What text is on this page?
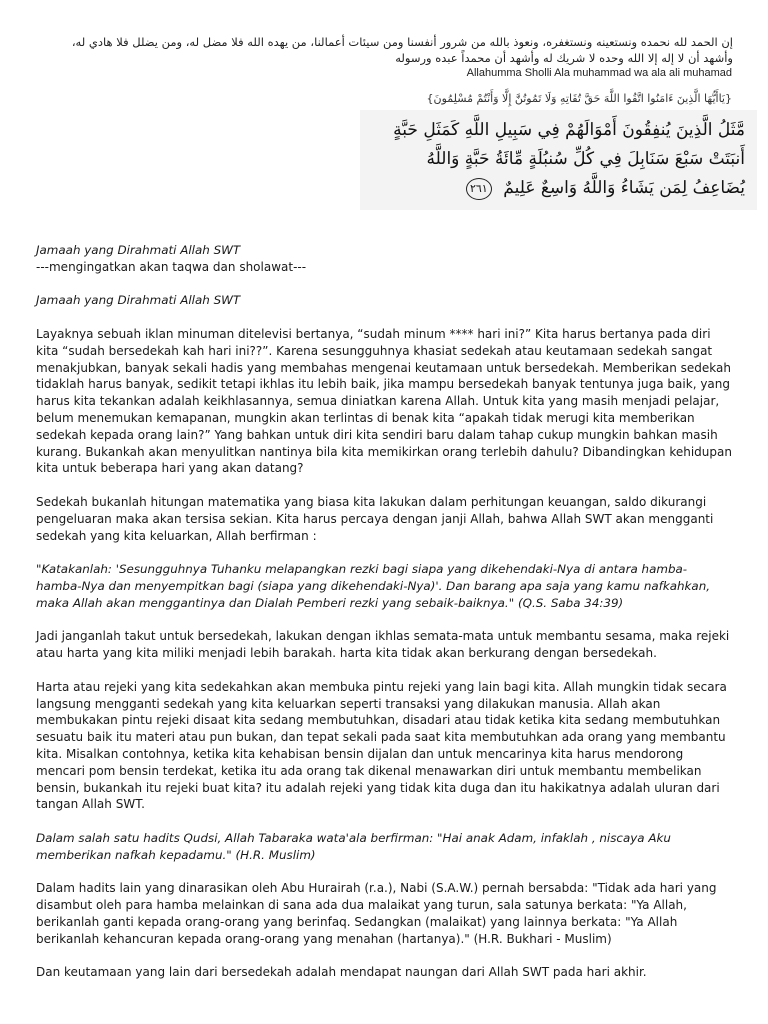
إن الحمد لله نحمده ونستعينه ونستغفره، ونعوذ بالله من شرور أنفسنا ومن سيئات أعمالنا، من يهده الله فلا مضل له، ومن يضلل فلا هادي له، وأشهد أن لا إله إلا الله وحده لا شريك له وأشهد أن محمداً عبده ورسوله
Allahumma Sholli Ala muhammad wa ala ali muhamad
{يَاأَيُّهَا الَّذِينَ ءَامَنُوا اتَّقُوا اللَّهَ حَقَّ تُقَاتِهِ وَلَا تَمُوتُنَّ إِلَّا وَأَنْتُمْ مُسْلِمُونَ}
مَّثَلُ الَّذِينَ يُنفِقُونَ أَمْوَالَهُمْ فِي سَبِيلِ اللَّهِ كَمَثَلِ حَبَّةٍ أَنبَتَتْ سَبْعَ سَنَابِلَ فِي كُلِّ سُنبُلَةٍ مِّائَةُ حَبَّةٍ وَاللَّهُ يُضَاعِفُ لِمَن يَشَاءُ وَاللَّهُ وَاسِعٌ عَلِيمٌ ٢٦١

Jamaah yang Dirahmati Allah SWT

---mengingatkan akan taqwa dan sholawat---

Jamaah yang Dirahmati Allah SWT

Layaknya sebuah iklan minuman ditelevisi bertanya, “sudah minum **** hari ini?” Kita harus bertanya pada diri kita “sudah bersedekah kah hari ini??”. Karena sesungguhnya khasiat sedekah atau keutamaan sedekah sangat menakjubkan, banyak sekali hadis yang membahas mengenai keutamaan untuk bersedekah. Memberikan sedekah tidaklah harus banyak, sedikit tetapi ikhlas itu lebih baik, jika mampu bersedekah banyak tentunya juga baik, yang harus kita tekankan adalah keikhlasannya, semua diniatkan karena Allah. Untuk kita yang masih menjadi pelajar, belum menemukan kemapanan, mungkin akan terlintas di benak kita “apakah tidak merugi kita memberikan sedekah kepada orang lain?” Yang bahkan untuk diri kita sendiri baru dalam tahap cukup mungkin bahkan masih kurang. Bukankah akan menyulitkan nantinya bila kita memikirkan orang terlebih dahulu? Dibandingkan kehidupan kita untuk beberapa hari yang akan datang?

Sedekah bukanlah hitungan matematika yang biasa kita lakukan dalam perhitungan keuangan, saldo dikurangi pengeluaran maka akan tersisa sekian. Kita harus percaya dengan janji Allah, bahwa Allah SWT akan mengganti sedekah yang kita keluarkan, Allah berfirman :

"Katakanlah: 'Sesungguhnya Tuhanku melapangkan rezki bagi siapa yang dikehendaki-Nya di antara hamba-hamba-Nya dan menyempitkan bagi (siapa yang dikehendaki-Nya)'. Dan barang apa saja yang kamu nafkahkan, maka Allah akan menggantinya dan Dialah Pemberi rezki yang sebaik-baiknya." (Q.S. Saba 34:39)

Jadi janganlah takut untuk bersedekah, lakukan dengan ikhlas semata-mata untuk membantu sesama, maka rejeki atau harta yang kita miliki menjadi lebih barakah. harta kita tidak akan berkurang dengan bersedekah.

Harta atau rejeki yang kita sedekahkan akan membuka pintu rejeki yang lain bagi kita. Allah mungkin tidak secara langsung mengganti sedekah yang kita keluarkan seperti transaksi yang dilakukan manusia. Allah akan membukakan pintu rejeki disaat kita sedang membutuhkan, disadari atau tidak ketika kita sedang membutuhkan sesuatu baik itu materi atau pun bukan, dan tepat sekali pada saat kita membutuhkan ada orang yang membantu kita. Misalkan contohnya, ketika kita kehabisan bensin dijalan dan untuk mencarinya kita harus mendorong mencari pom bensin terdekat, ketika itu ada orang tak dikenal menawarkan diri untuk membantu membelikan bensin, bukankah itu rejeki buat kita? itu adalah rejeki yang tidak kita duga dan itu hakikatnya adalah uluran dari tangan Allah SWT.

Dalam salah satu hadits Qudsi, Allah Tabaraka wata'ala berfirman: "Hai anak Adam, infaklah , niscaya Aku memberikan nafkah kepadamu." (H.R. Muslim)

Dalam hadits lain yang dinarasikan oleh Abu Hurairah (r.a.), Nabi (S.A.W.) pernah bersabda: "Tidak ada hari yang disambut oleh para hamba melainkan di sana ada dua malaikat yang turun, sala satunya berkata: "Ya Allah, berikanlah ganti kepada orang-orang yang berinfaq. Sedangkan (malaikat) yang lainnya berkata: "Ya Allah berikanlah kehancuran kepada orang-orang yang menahan (hartanya)." (H.R. Bukhari - Muslim)

Dan keutamaan yang lain dari bersedekah adalah mendapat naungan dari Allah SWT pada hari akhir.
